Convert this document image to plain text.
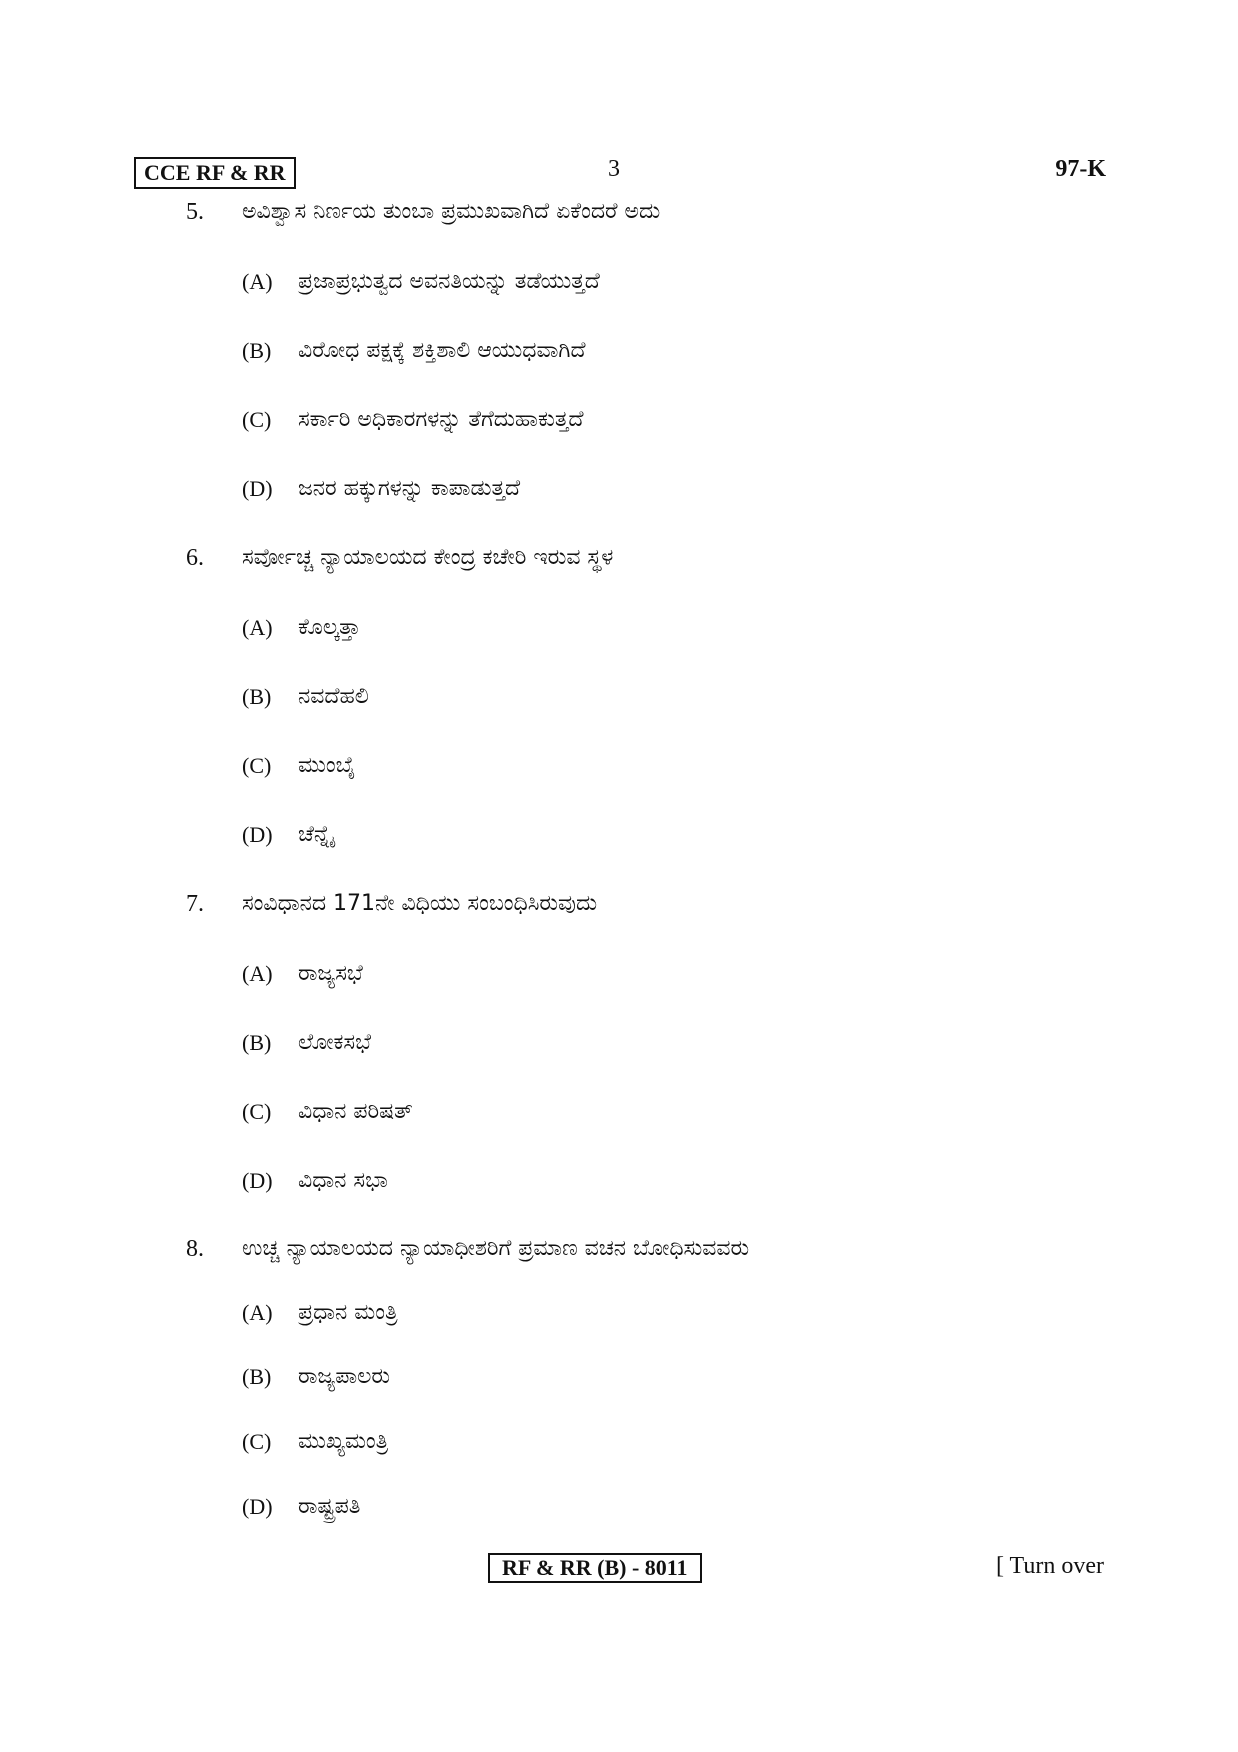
CCE RF & RR	3	97-K
5. ಅವಿಶ್ವಾಸ ನಿರ್ಣಯ ತುಂಬಾ ಪ್ರಮುಖವಾಗಿದೆ ಏಕೆಂದರೆ ಅದು
(A) ಪ್ರಜಾಪ್ರಭುತ್ವದ ಅವನತಿಯನ್ನು ತಡೆಯುತ್ತದೆ
(B) ವಿರೋಧ ಪಕ್ಷಕ್ಕೆ ಶಕ್ತಿಶಾಲಿ ಆಯುಧವಾಗಿದೆ
(C) ಸರ್ಕಾರಿ ಅಧಿಕಾರಗಳನ್ನು ತೆಗೆದುಹಾಕುತ್ತದೆ
(D) ಜನರ ಹಕ್ಕುಗಳನ್ನು ಕಾಪಾಡುತ್ತದೆ
6. ಸರ್ವೋಚ್ಚ ನ್ಯಾಯಾಲಯದ ಕೇಂದ್ರ ಕಚೇರಿ ಇರುವ ಸ್ಥಳ
(A) ಕೊಲ್ಕತ್ತಾ
(B) ನವದೆಹಲಿ
(C) ಮುಂಬೈ
(D) ಚೆನ್ನೈ
7. ಸಂವಿಧಾನದ 171ನೇ ವಿಧಿಯು ಸಂಬಂಧಿಸಿರುವುದು
(A) ರಾಜ್ಯಸಭೆ
(B) ಲೋಕಸಭೆ
(C) ವಿಧಾನ ಪರಿಷತ್
(D) ವಿಧಾನ ಸಭಾ
8. ಉಚ್ಚ ನ್ಯಾಯಾಲಯದ ನ್ಯಾಯಾಧೀಶರಿಗೆ ಪ್ರಮಾಣ ವಚನ ಬೋಧಿಸುವವರು
(A) ಪ್ರಧಾನ ಮಂತ್ರಿ
(B) ರಾಜ್ಯಪಾಲರು
(C) ಮುಖ್ಯಮಂತ್ರಿ
(D) ರಾಷ್ಟ್ರಪತಿ
RF & RR (B) - 8011	[ Turn over
